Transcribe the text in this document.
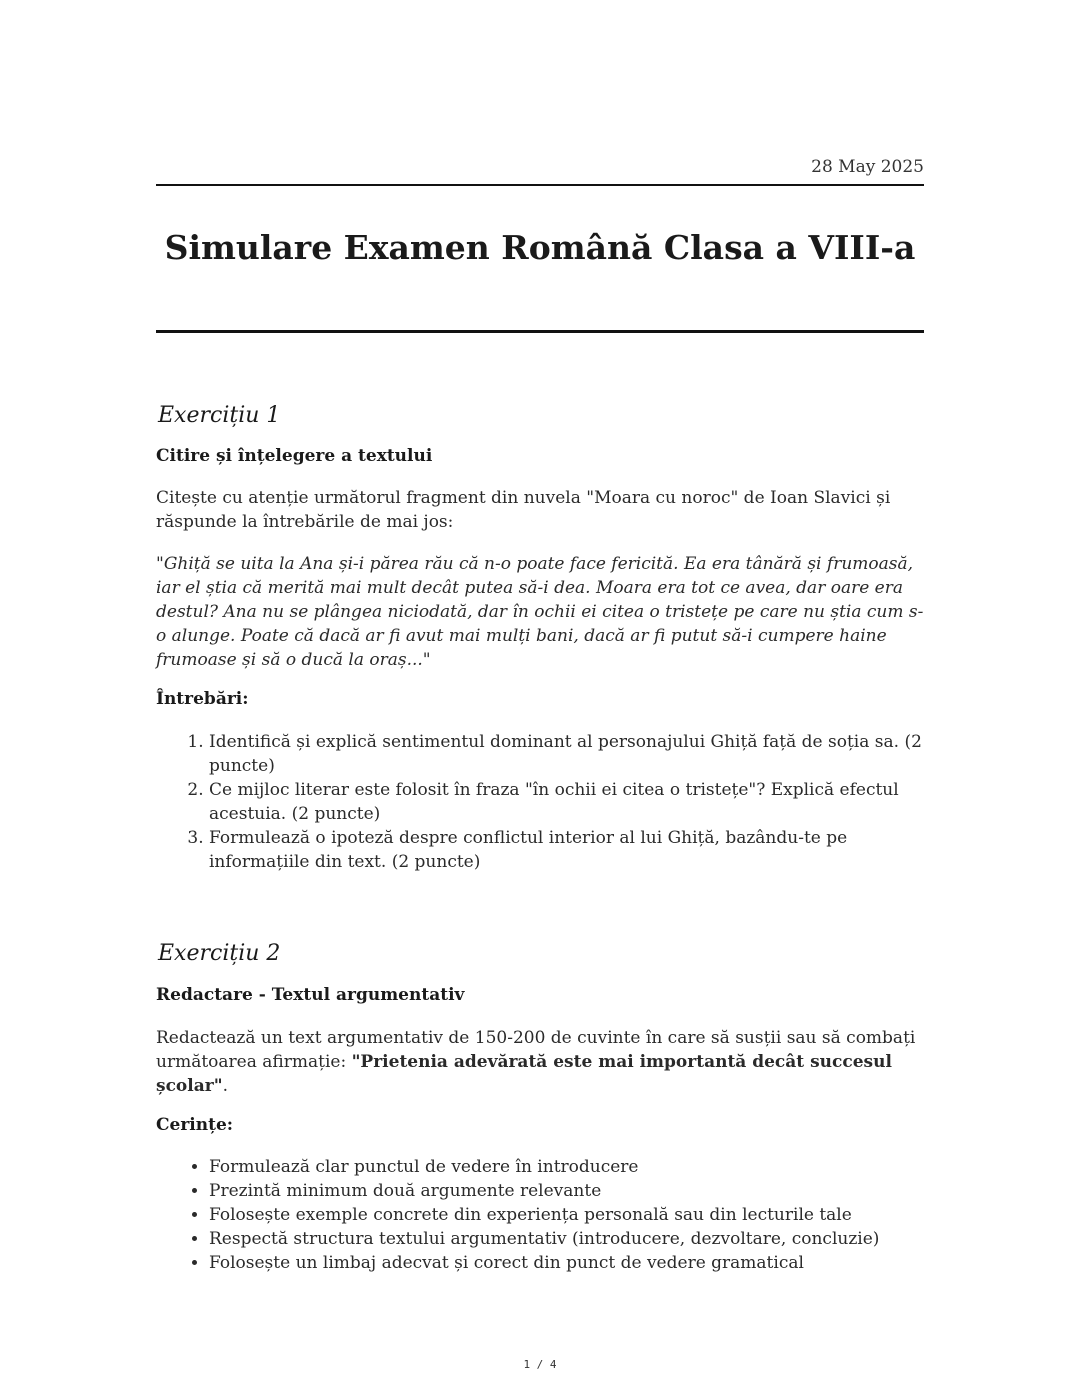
28 May 2025
Simulare Examen Română Clasa a VIII-a
Exercițiu 1

Citire și înțelegere a textului

Citește cu atenție următorul fragment din nuvela "Moara cu noroc" de Ioan Slavici și răspunde la întrebările de mai jos:

"Ghiță se uita la Ana și-i părea rău că n-o poate face fericită. Ea era tânără și frumoasă, iar el știa că merită mai mult decât putea să-i dea. Moara era tot ce avea, dar oare era destul? Ana nu se plângea niciodată, dar în ochii ei citea o tristețe pe care nu știa cum s-o alunge. Poate că dacă ar fi avut mai mulți bani, dacă ar fi putut să-i cumpere haine frumoase și să o ducă la oraș..."

Întrebări:

1. Identifică și explică sentimentul dominant al personajului Ghiță față de soția sa. (2 puncte)
2. Ce mijloc literar este folosit în fraza "în ochii ei citea o tristețe"? Explică efectul acestuia. (2 puncte)
3. Formulează o ipoteză despre conflictul interior al lui Ghiță, bazându-te pe informațiile din text. (2 puncte)
Exercițiu 2

Redactare - Textul argumentativ

Redactează un text argumentativ de 150-200 de cuvinte în care să susții sau să combați următoarea afirmație: "Prietenia adevărată este mai importantă decât succesul școlar".

Cerințe:

• Formulează clar punctul de vedere în introducere
• Prezintă minimum două argumente relevante
• Folosește exemple concrete din experiența personală sau din lecturile tale
• Respectă structura textului argumentativ (introducere, dezvoltare, concluzie)
• Folosește un limbaj adecvat și corect din punct de vedere gramatical
1 / 4
